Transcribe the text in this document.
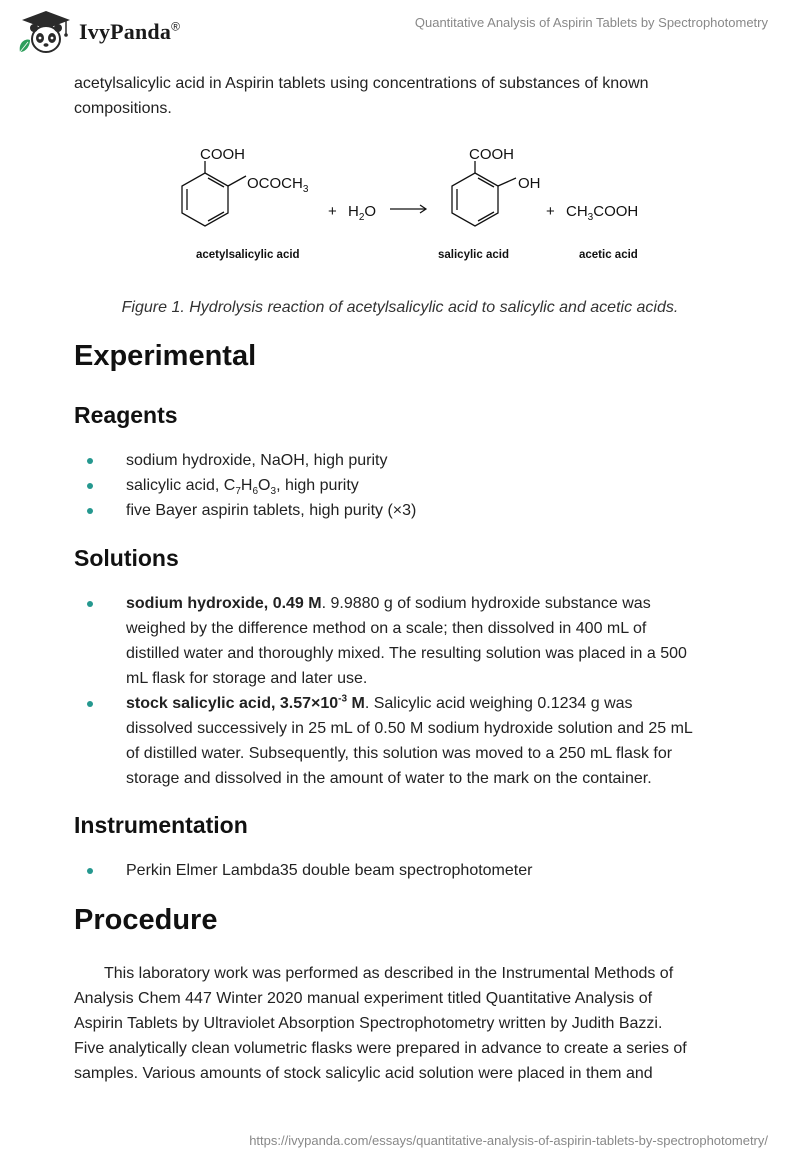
IvyPanda®	Quantitative Analysis of Aspirin Tablets by Spectrophotometry
acetylsalicylic acid in Aspirin tablets using concentrations of substances of known
compositions.
COOH
$OCOCH_3$
+ $H_2O$
COOH
OH
+ $CH_3COOH$
acetylsalicylic acid	salicylic acid	acetic acid
Figure 1. Hydrolysis reaction of acetylsalicylic acid to salicylic and acetic acids.
Experimental
Reagents
sodium hydroxide, NaOH, high purity
salicylic acid, $C_7H_6O_3$, high purity
five Bayer aspirin tablets, high purity (×3)
Solutions
sodium hydroxide, 0.49 M. 9.9880 g of sodium hydroxide substance was
weighed by the difference method on a scale; then dissolved in 400 mL of
distilled water and thoroughly mixed. The resulting solution was placed in a 500
mL flask for storage and later use.
stock salicylic acid, $3.57\times 10^{-3}$ M. Salicylic acid weighing 0.1234 g was
dissolved successively in 25 mL of 0.50 M sodium hydroxide solution and 25 mL
of distilled water. Subsequently, this solution was moved to a 250 mL flask for
storage and dissolved in the amount of water to the mark on the container.
Instrumentation
Perkin Elmer Lambda35 double beam spectrophotometer
Procedure
This laboratory work was performed as described in the Instrumental Methods of
Analysis Chem 447 Winter 2020 manual experiment titled Quantitative Analysis of
Aspirin Tablets by Ultraviolet Absorption Spectrophotometry written by Judith Bazzi.
Five analytically clean volumetric flasks were prepared in advance to create a series of
samples. Various amounts of stock salicylic acid solution were placed in them and
https://ivypanda.com/essays/quantitative-analysis-of-aspirin-tablets-by-spectrophotometry/
